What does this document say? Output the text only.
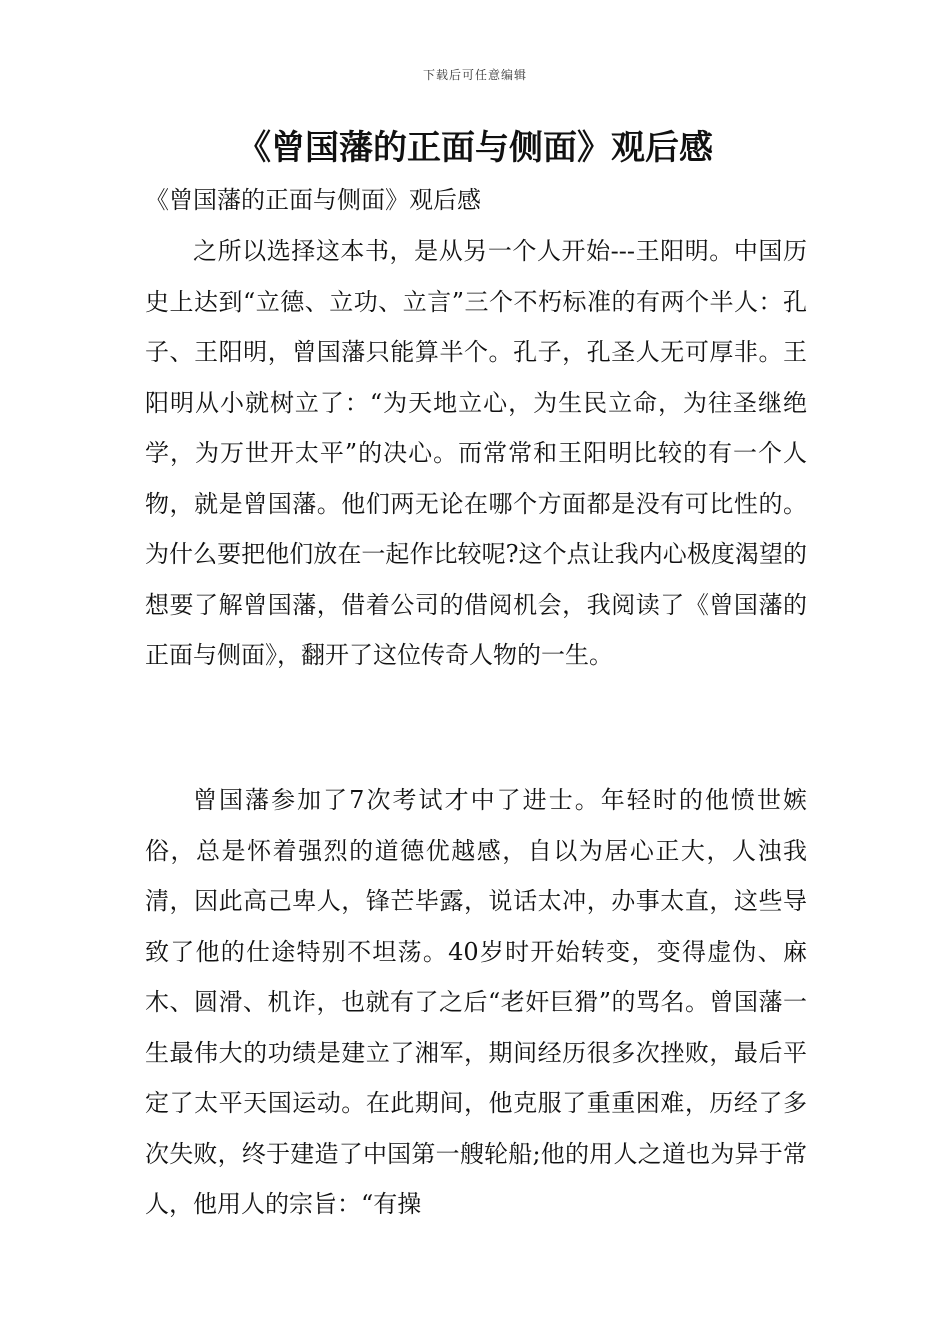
下载后可任意编辑
《曾国藩的正面与侧面》观后感

《曾国藩的正面与侧面》观后感

之所以选择这本书，是从另一个人开始---王阳明。中国历史上达到“立德、立功、立言”三个不朽标准的有两个半人：孔子、王阳明，曾国藩只能算半个。孔子，孔圣人无可厚非。王阳明从小就树立了：“为天地立心，为生民立命，为往圣继绝学，为万世开太平”的决心。而常常和王阳明比较的有一个人物，就是曾国藩。他们两无论在哪个方面都是没有可比性的。为什么要把他们放在一起作比较呢?这个点让我内心极度渴望的想要了解曾国藩，借着公司的借阅机会，我阅读了《曾国藩的正面与侧面》，翻开了这位传奇人物的一生。

曾国藩参加了7次考试才中了进士。年轻时的他愤世嫉俗，总是怀着强烈的道德优越感，自以为居心正大，人浊我清，因此高己卑人，锋芒毕露，说话太冲，办事太直，这些导致了他的仕途特别不坦荡。40岁时开始转变，变得虚伪、麻木、圆滑、机诈，也就有了之后“老奸巨猾”的骂名。曾国藩一生最伟大的功绩是建立了湘军，期间经历很多次挫败，最后平定了太平天国运动。在此期间，他克服了重重困难，历经了多次失败，终于建造了中国第一艘轮船;他的用人之道也为异于常人，他用人的宗旨：“有操
